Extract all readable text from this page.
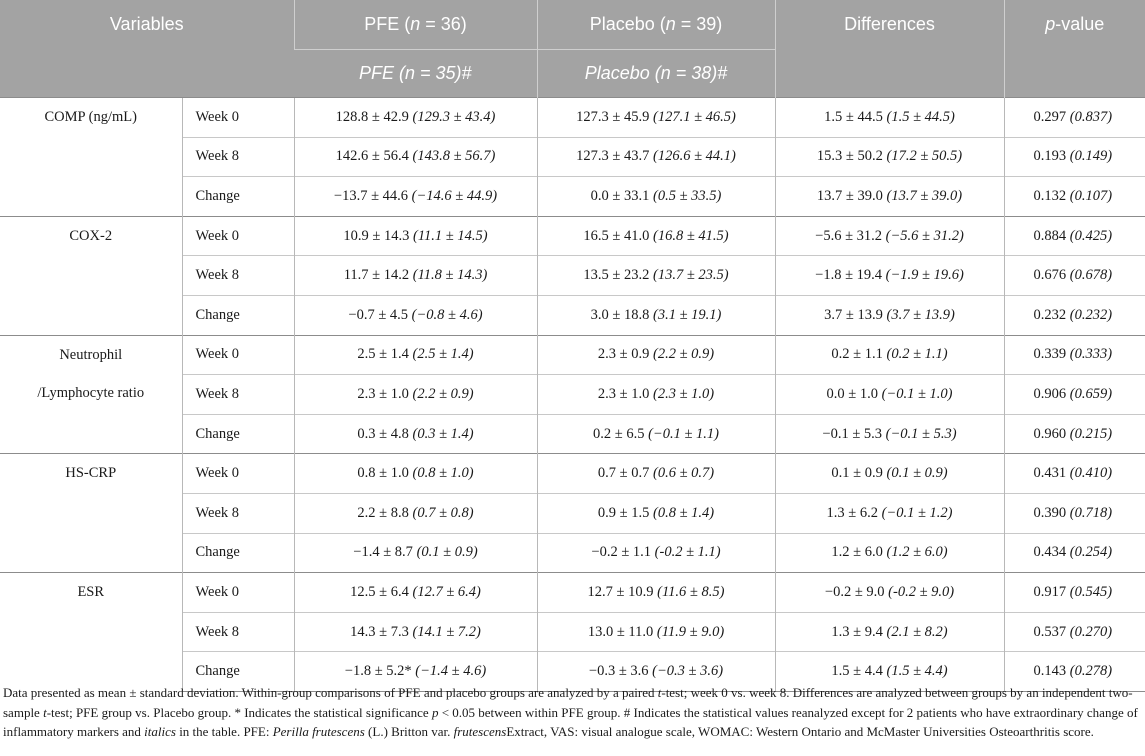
Variables		PFE (n = 36)	Placebo (n = 39)	Differences	p-value
		PFE (n = 35)#	Placebo (n = 38)#		
COMP (ng/mL)	Week 0	128.8 ± 42.9 (129.3 ± 43.4)	127.3 ± 45.9 (127.1 ± 46.5)	1.5 ± 44.5 (1.5 ± 44.5)	0.297 (0.837)
	Week 8	142.6 ± 56.4 (143.8 ± 56.7)	127.3 ± 43.7 (126.6 ± 44.1)	15.3 ± 50.2 (17.2 ± 50.5)	0.193 (0.149)
	Change	−13.7 ± 44.6 (−14.6 ± 44.9)	0.0 ± 33.1 (0.5 ± 33.5)	13.7 ± 39.0 (13.7 ± 39.0)	0.132 (0.107)
COX-2	Week 0	10.9 ± 14.3 (11.1 ± 14.5)	16.5 ± 41.0 (16.8 ± 41.5)	−5.6 ± 31.2 (−5.6 ± 31.2)	0.884 (0.425)
	Week 8	11.7 ± 14.2 (11.8 ± 14.3)	13.5 ± 23.2 (13.7 ± 23.5)	−1.8 ± 19.4 (−1.9 ± 19.6)	0.676 (0.678)
	Change	−0.7 ± 4.5 (−0.8 ± 4.6)	3.0 ± 18.8 (3.1 ± 19.1)	3.7 ± 13.9 (3.7 ± 13.9)	0.232 (0.232)
Neutrophil
/Lymphocyte ratio	Week 0	2.5 ± 1.4 (2.5 ± 1.4)	2.3 ± 0.9 (2.2 ± 0.9)	0.2 ± 1.1 (0.2 ± 1.1)	0.339 (0.333)
	Week 8	2.3 ± 1.0 (2.2 ± 0.9)	2.3 ± 1.0 (2.3 ± 1.0)	0.0 ± 1.0 (−0.1 ± 1.0)	0.906 (0.659)
	Change	0.3 ± 4.8 (0.3 ± 1.4)	0.2 ± 6.5 (−0.1 ± 1.1)	−0.1 ± 5.3 (−0.1 ± 5.3)	0.960 (0.215)
HS-CRP	Week 0	0.8 ± 1.0 (0.8 ± 1.0)	0.7 ± 0.7 (0.6 ± 0.7)	0.1 ± 0.9 (0.1 ± 0.9)	0.431 (0.410)
	Week 8	2.2 ± 8.8 (0.7 ± 0.8)	0.9 ± 1.5 (0.8 ± 1.4)	1.3 ± 6.2 (−0.1 ± 1.2)	0.390 (0.718)
	Change	−1.4 ± 8.7 (0.1 ± 0.9)	−0.2 ± 1.1 (-0.2 ± 1.1)	1.2 ± 6.0 (1.2 ± 6.0)	0.434 (0.254)
ESR	Week 0	12.5 ± 6.4 (12.7 ± 6.4)	12.7 ± 10.9 (11.6 ± 8.5)	−0.2 ± 9.0 (-0.2 ± 9.0)	0.917 (0.545)
	Week 8	14.3 ± 7.3 (14.1 ± 7.2)	13.0 ± 11.0 (11.9 ± 9.0)	1.3 ± 9.4 (2.1 ± 8.2)	0.537 (0.270)
	Change	−1.8 ± 5.2* (−1.4 ± 4.6)	−0.3 ± 3.6 (−0.3 ± 3.6)	1.5 ± 4.4 (1.5 ± 4.4)	0.143 (0.278)

Data presented as mean ± standard deviation. Within-group comparisons of PFE and placebo groups are analyzed by a paired t-test; week 0 vs. week 8. Differences are analyzed between groups by an independent two-sample t-test; PFE group vs. Placebo group. * Indicates the statistical significance p < 0.05 between within PFE group. # Indicates the statistical values reanalyzed except for 2 patients who have extraordinary change of inflammatory markers and italics in the table. PFE: Perilla frutescens (L.) Britton var. frutescensExtract, VAS: visual analogue scale, WOMAC: Western Ontario and McMaster Universities Osteoarthritis score.
